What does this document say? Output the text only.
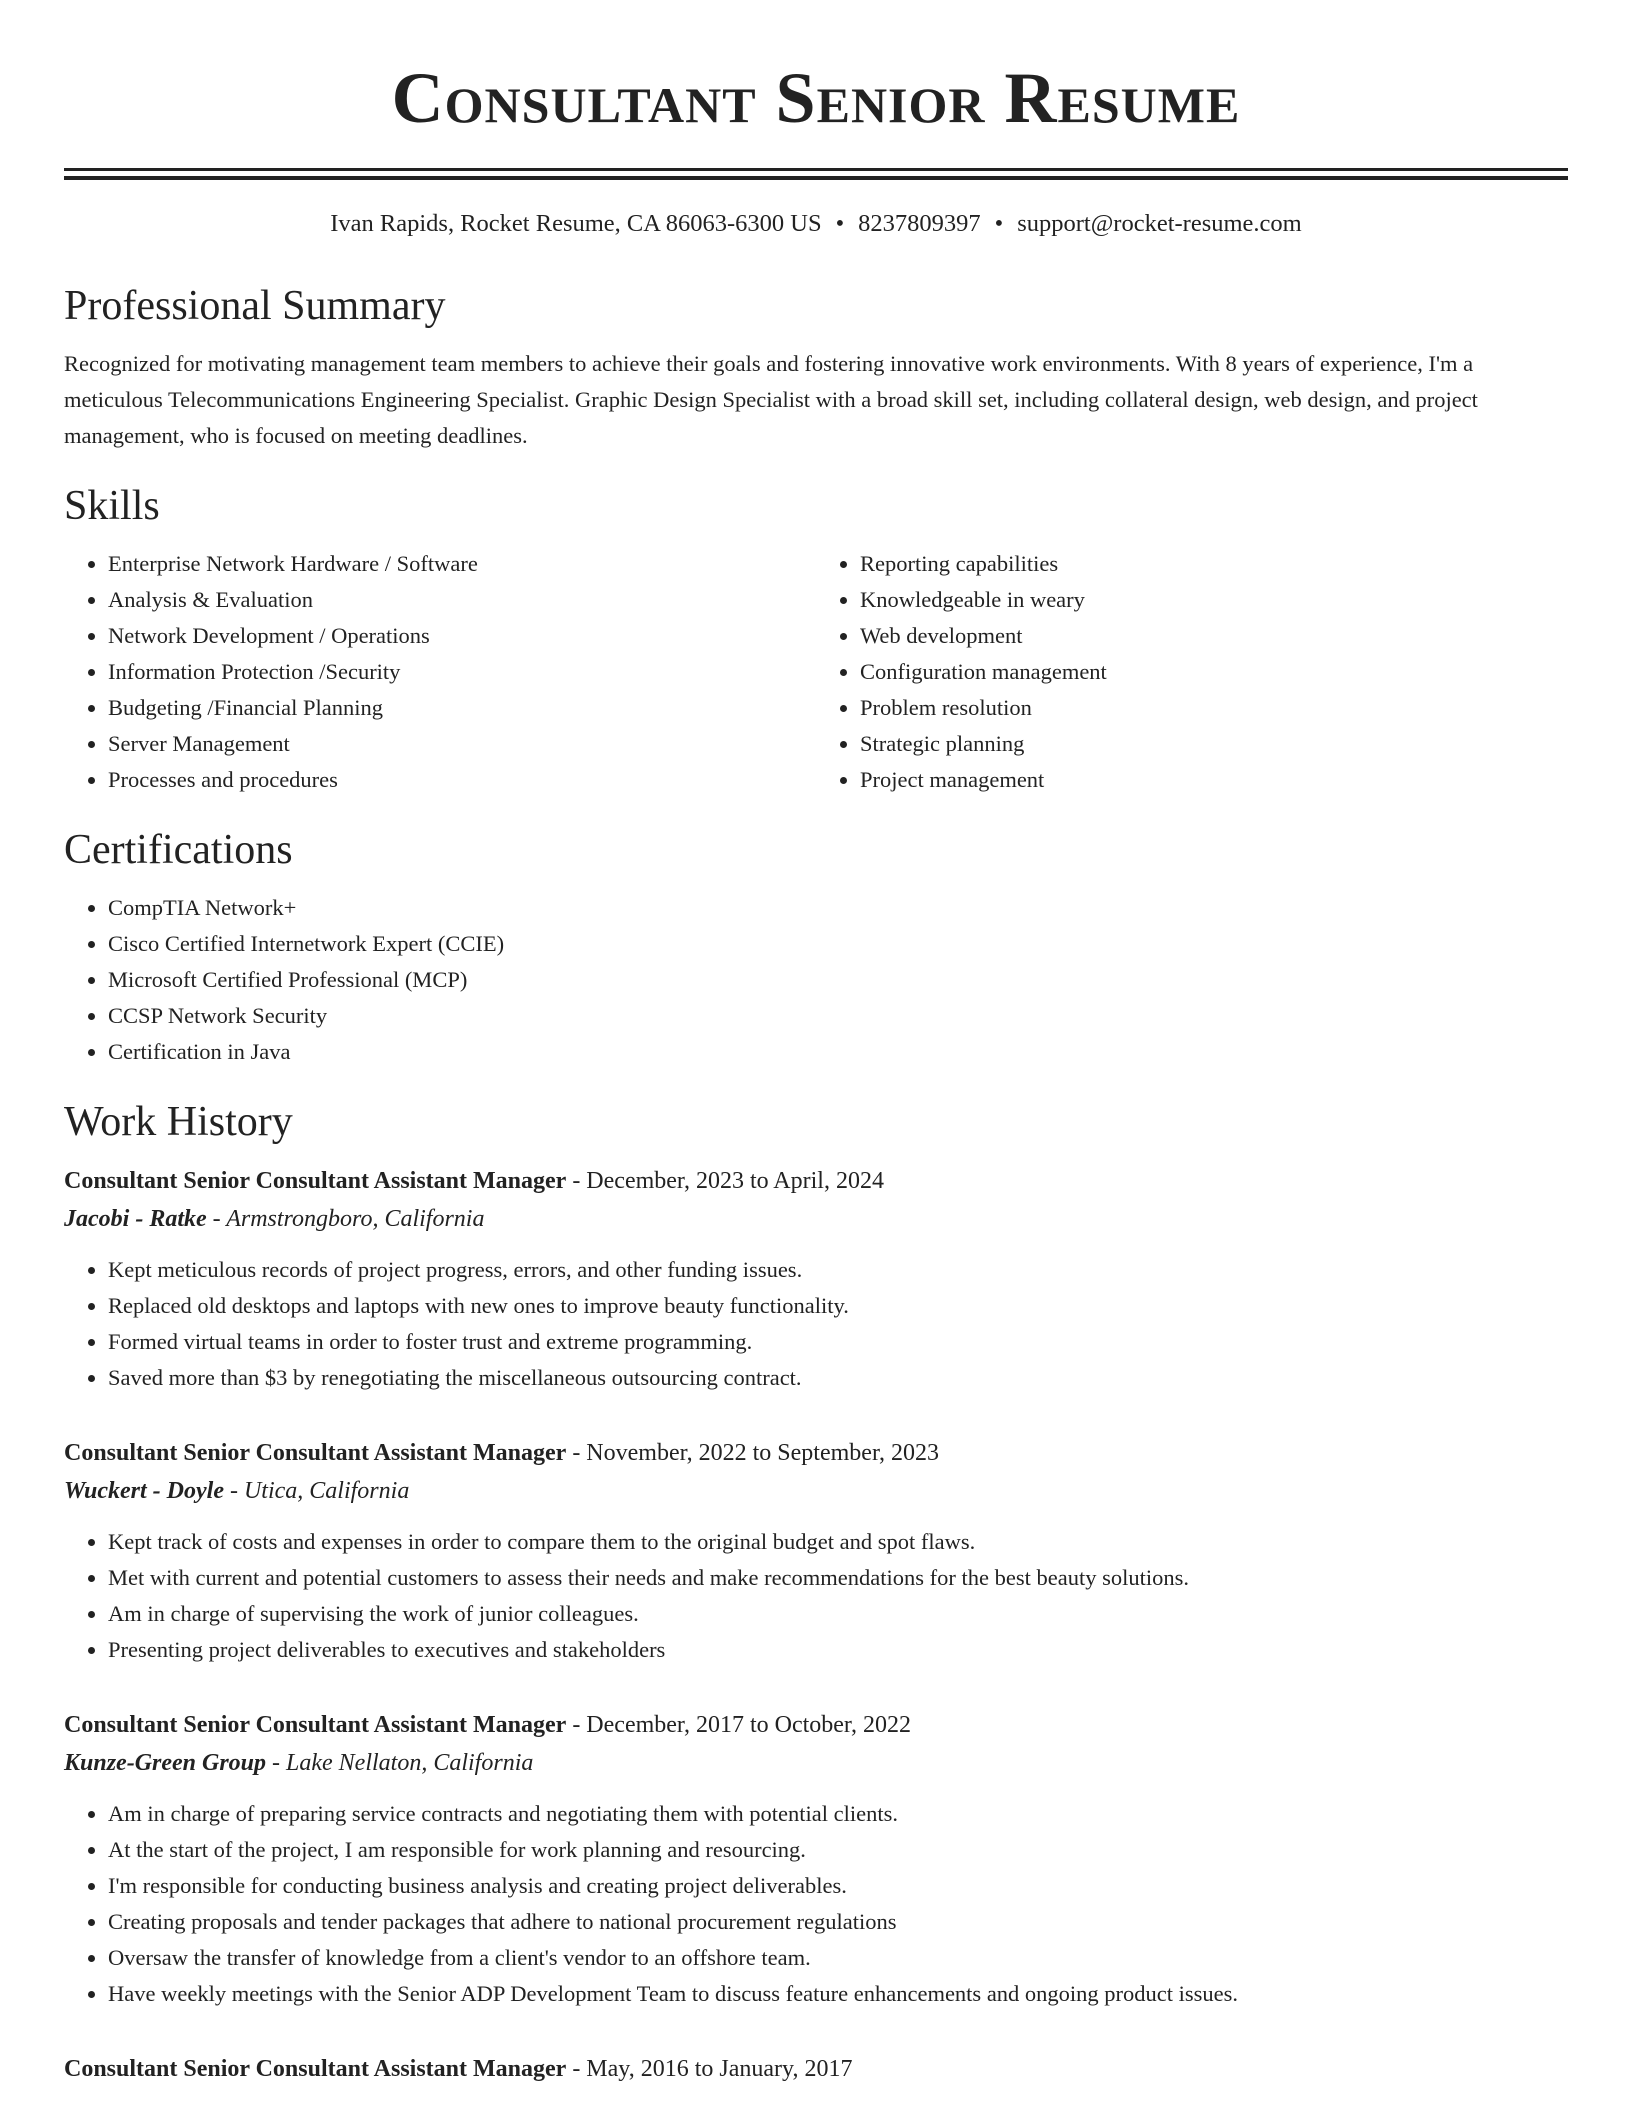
Consultant Senior Resume
Ivan Rapids, Rocket Resume, CA 86063-6300 US • 8237809397 • support@rocket-resume.com
Professional Summary

Recognized for motivating management team members to achieve their goals and fostering innovative work environments. With 8 years of experience, I'm a meticulous Telecommunications Engineering Specialist. Graphic Design Specialist with a broad skill set, including collateral design, web design, and project management, who is focused on meeting deadlines.

Skills
• Enterprise Network Hardware / Software
• Analysis & Evaluation
• Network Development / Operations
• Information Protection /Security
• Budgeting /Financial Planning
• Server Management
• Processes and procedures
• Reporting capabilities
• Knowledgeable in weary
• Web development
• Configuration management
• Problem resolution
• Strategic planning
• Project management
Certifications
• CompTIA Network+
• Cisco Certified Internetwork Expert (CCIE)
• Microsoft Certified Professional (MCP)
• CCSP Network Security
• Certification in Java
Work History
Consultant Senior Consultant Assistant Manager - December, 2023 to April, 2024
Jacobi - Ratke - Armstrongboro, California
• Kept meticulous records of project progress, errors, and other funding issues.
• Replaced old desktops and laptops with new ones to improve beauty functionality.
• Formed virtual teams in order to foster trust and extreme programming.
• Saved more than $3 by renegotiating the miscellaneous outsourcing contract.
Consultant Senior Consultant Assistant Manager - November, 2022 to September, 2023
Wuckert - Doyle - Utica, California
• Kept track of costs and expenses in order to compare them to the original budget and spot flaws.
• Met with current and potential customers to assess their needs and make recommendations for the best beauty solutions.
• Am in charge of supervising the work of junior colleagues.
• Presenting project deliverables to executives and stakeholders
Consultant Senior Consultant Assistant Manager - December, 2017 to October, 2022
Kunze-Green Group - Lake Nellaton, California
• Am in charge of preparing service contracts and negotiating them with potential clients.
• At the start of the project, I am responsible for work planning and resourcing.
• I'm responsible for conducting business analysis and creating project deliverables.
• Creating proposals and tender packages that adhere to national procurement regulations
• Oversaw the transfer of knowledge from a client's vendor to an offshore team.
• Have weekly meetings with the Senior ADP Development Team to discuss feature enhancements and ongoing product issues.
Consultant Senior Consultant Assistant Manager - May, 2016 to January, 2017
